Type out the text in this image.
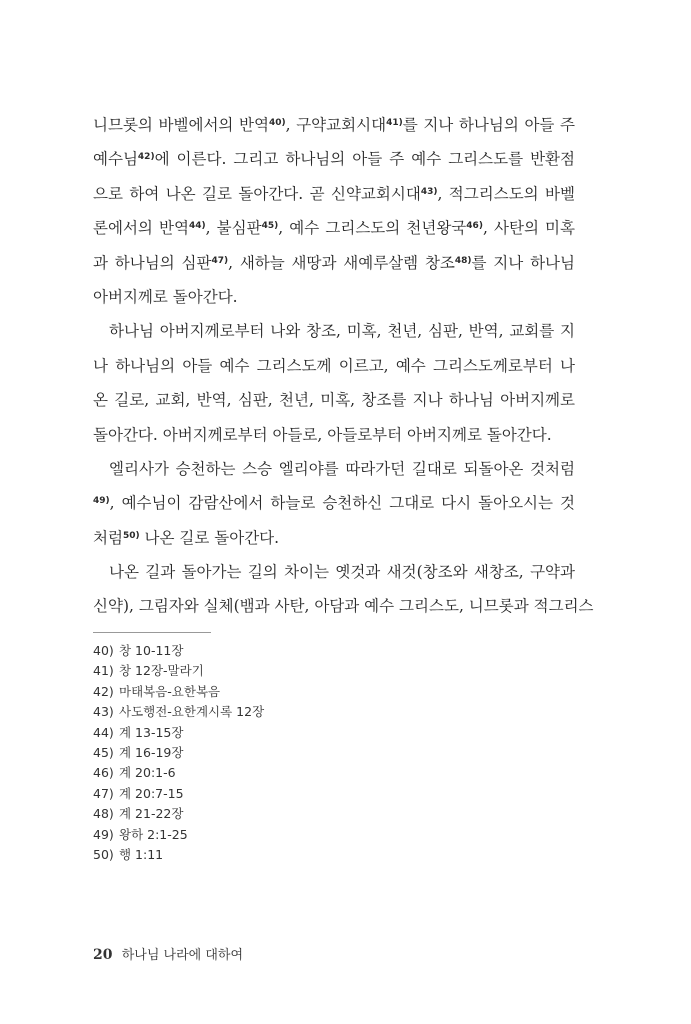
니므롯의 바벨에서의 반역$^{40)}$, 구약교회시대$^{41)}$를 지나 하나님의 아들 주
예수님$^{42)}$에 이른다. 그리고 하나님의 아들 주 예수 그리스도를 반환점
으로 하여 나온 길로 돌아간다. 곧 신약교회시대$^{43)}$, 적그리스도의 바벨
론에서의 반역$^{44)}$, 불심판$^{45)}$, 예수 그리스도의 천년왕국$^{46)}$, 사탄의 미혹
과 하나님의 심판$^{47)}$, 새하늘 새땅과 새예루살렘 창조$^{48)}$를 지나 하나님
아버지께로 돌아간다.
하나님 아버지께로부터 나와 창조, 미혹, 천년, 심판, 반역, 교회를 지
나 하나님의 아들 예수 그리스도께 이르고, 예수 그리스도께로부터 나
온 길로, 교회, 반역, 심판, 천년, 미혹, 창조를 지나 하나님 아버지께로
돌아간다. 아버지께로부터 아들로, 아들로부터 아버지께로 돌아간다.
엘리사가 승천하는 스승 엘리야를 따라가던 길대로 되돌아온 것처럼
$^{49)}$, 예수님이 감람산에서 하늘로 승천하신 그대로 다시 돌아오시는 것
처럼$^{50)}$ 나온 길로 돌아간다.
나온 길과 돌아가는 길의 차이는 옛것과 새것(창조와 새창조, 구약과
신약), 그림자와 실체(뱀과 사탄, 아담과 예수 그리스도, 니므롯과 적그리스
40) 창 10-11장
41) 창 12장-말라기
42) 마태복음-요한복음
43) 사도행전-요한계시록 12장
44) 계 13-15장
45) 계 16-19장
46) 계 20:1-6
47) 계 20:7-15
48) 계 21-22장
49) 왕하 2:1-25
50) 행 1:11
20 하나님 나라에 대하여
